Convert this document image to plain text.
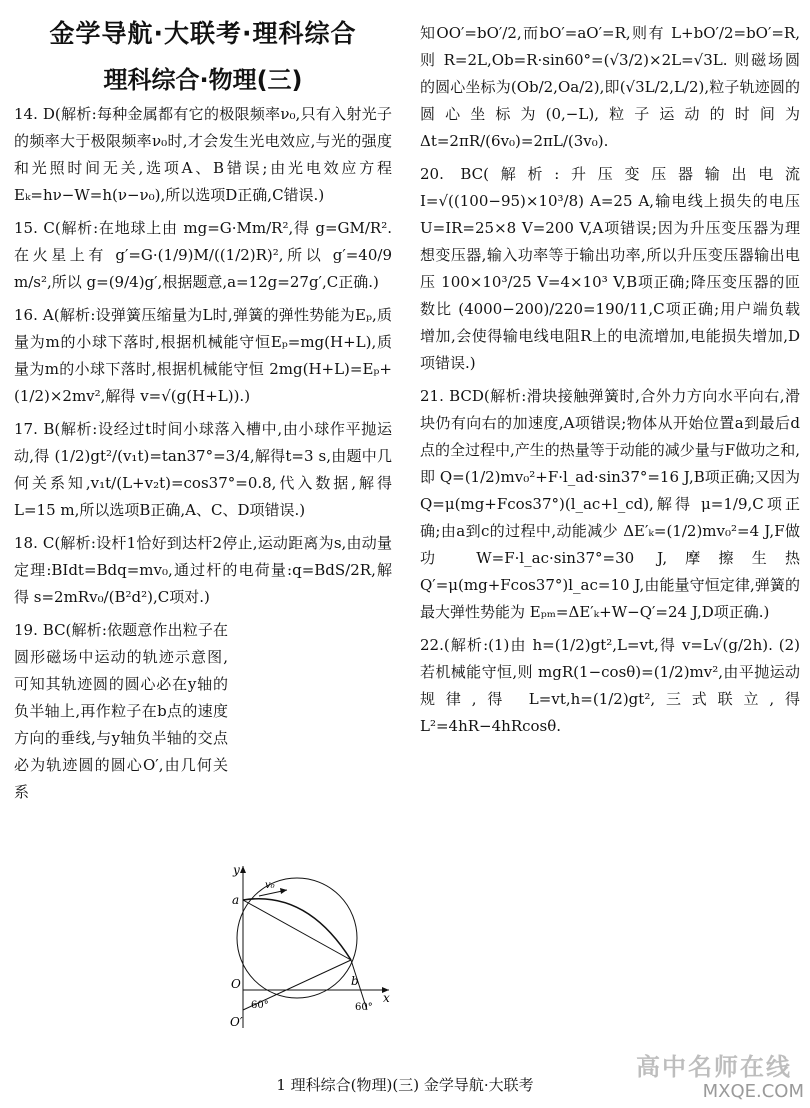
金学导航·大联考·理科综合
理科综合·物理(三)

14. D(解析:每种金属都有它的极限频率ν₀,只有入射光子的频率大于极限频率ν₀时,才会发生光电效应,与光的强度和光照时间无关,选项A、B错误;由光电效应方程Eₖ=hν−W=h(ν−ν₀),所以选项D正确,C错误.)

15. C(解析:在地球上由 mg=G·Mm/R²,得 g=GM/R². 在火星上有 g′=G·(1/9)M/((1/2)R)²,所以 g′=40/9 m/s²,所以 g=(9/4)g′,根据题意,a=12g=27g′,C正确.)

16. A(解析:设弹簧压缩量为L时,弹簧的弹性势能为Eₚ,质量为m的小球下落时,根据机械能守恒Eₚ=mg(H+L),质量为m的小球下落时,根据机械能守恒 2mg(H+L)=Eₚ+(1/2)×2mv²,解得 v=√(g(H+L)).)

17. B(解析:设经过t时间小球落入槽中,由小球作平抛运动,得 (1/2)gt²/(v₁t)=tan37°=3/4,解得t=3 s,由题中几何关系知,v₁t/(L+v₂t)=cos37°=0.8,代入数据,解得L=15 m,所以选项B正确,A、C、D项错误.)

18. C(解析:设杆1恰好到达杆2停止,运动距离为s,由动量定理:BIdt=Bdq=mv₀,通过杆的电荷量:q=BdS/2R,解得 s=2mRv₀/(B²d²),C项对.)

19. BC(解析:依题意作出粒子在圆形磁场中运动的轨迹示意图,可知其轨迹圆的圆心必在y轴的负半轴上,再作粒子在b点的速度方向的垂线,与y轴负半轴的交点必为轨迹圆的圆心O′,由几何关系

y
v₀
a
O	b
x
60°
60°
O′

知OO′=bO′/2,而bO′=aO′=R,则有 L+bO′/2=bO′=R,则 R=2L,Ob=R·sin60°=(√3/2)×2L=√3L. 则磁场圆的圆心坐标为(Ob/2,Oa/2),即(√3L/2,L/2),粒子轨迹圆的圆心坐标为(0,−L),粒子运动的时间为 Δt=2πR/(6v₀)=2πL/(3v₀).

20. BC(解析:升压变压器输出电流 I=√((100−95)×10³/8) A=25 A,输电线上损失的电压U=IR=25×8 V=200 V,A项错误;因为升压变压器为理想变压器,输入功率等于输出功率,所以升压变压器输出电压 100×10³/25 V=4×10³ V,B项正确;降压变压器的匝数比 (4000−200)/220=190/11,C项正确;用户端负载增加,会使得输电线电阻R上的电流增加,电能损失增加,D项错误.)

21. BCD(解析:滑块接触弹簧时,合外力方向水平向右,滑块仍有向右的加速度,A项错误;物体从开始位置a到最后d点的全过程中,产生的热量等于动能的减少量与F做功之和,即 Q=(1/2)mv₀²+F·l_ad·sin37°=16 J,B项正确;又因为 Q=μ(mg+Fcos37°)(l_ac+l_cd),解得 μ=1/9,C项正确;由a到c的过程中,动能减少 ΔE′ₖ=(1/2)mv₀²=4 J,F做功 W=F·l_ac·sin37°=30 J,摩擦生热 Q′=μ(mg+Fcos37°)l_ac=10 J,由能量守恒定律,弹簧的最大弹性势能为 Eₚₘ=ΔE′ₖ+W−Q′=24 J,D项正确.)

22.(解析:(1)由 h=(1/2)gt²,L=vt,得 v=L√(g/2h). (2)若机械能守恒,则 mgR(1−cosθ)=(1/2)mv²,由平抛运动规律,得 L=vt,h=(1/2)gt²,三式联立,得 L²=4hR−4hRcosθ.

1 理科综合(物理)(三) 金学导航·大联考
高中名师在线
MXQE.COM
